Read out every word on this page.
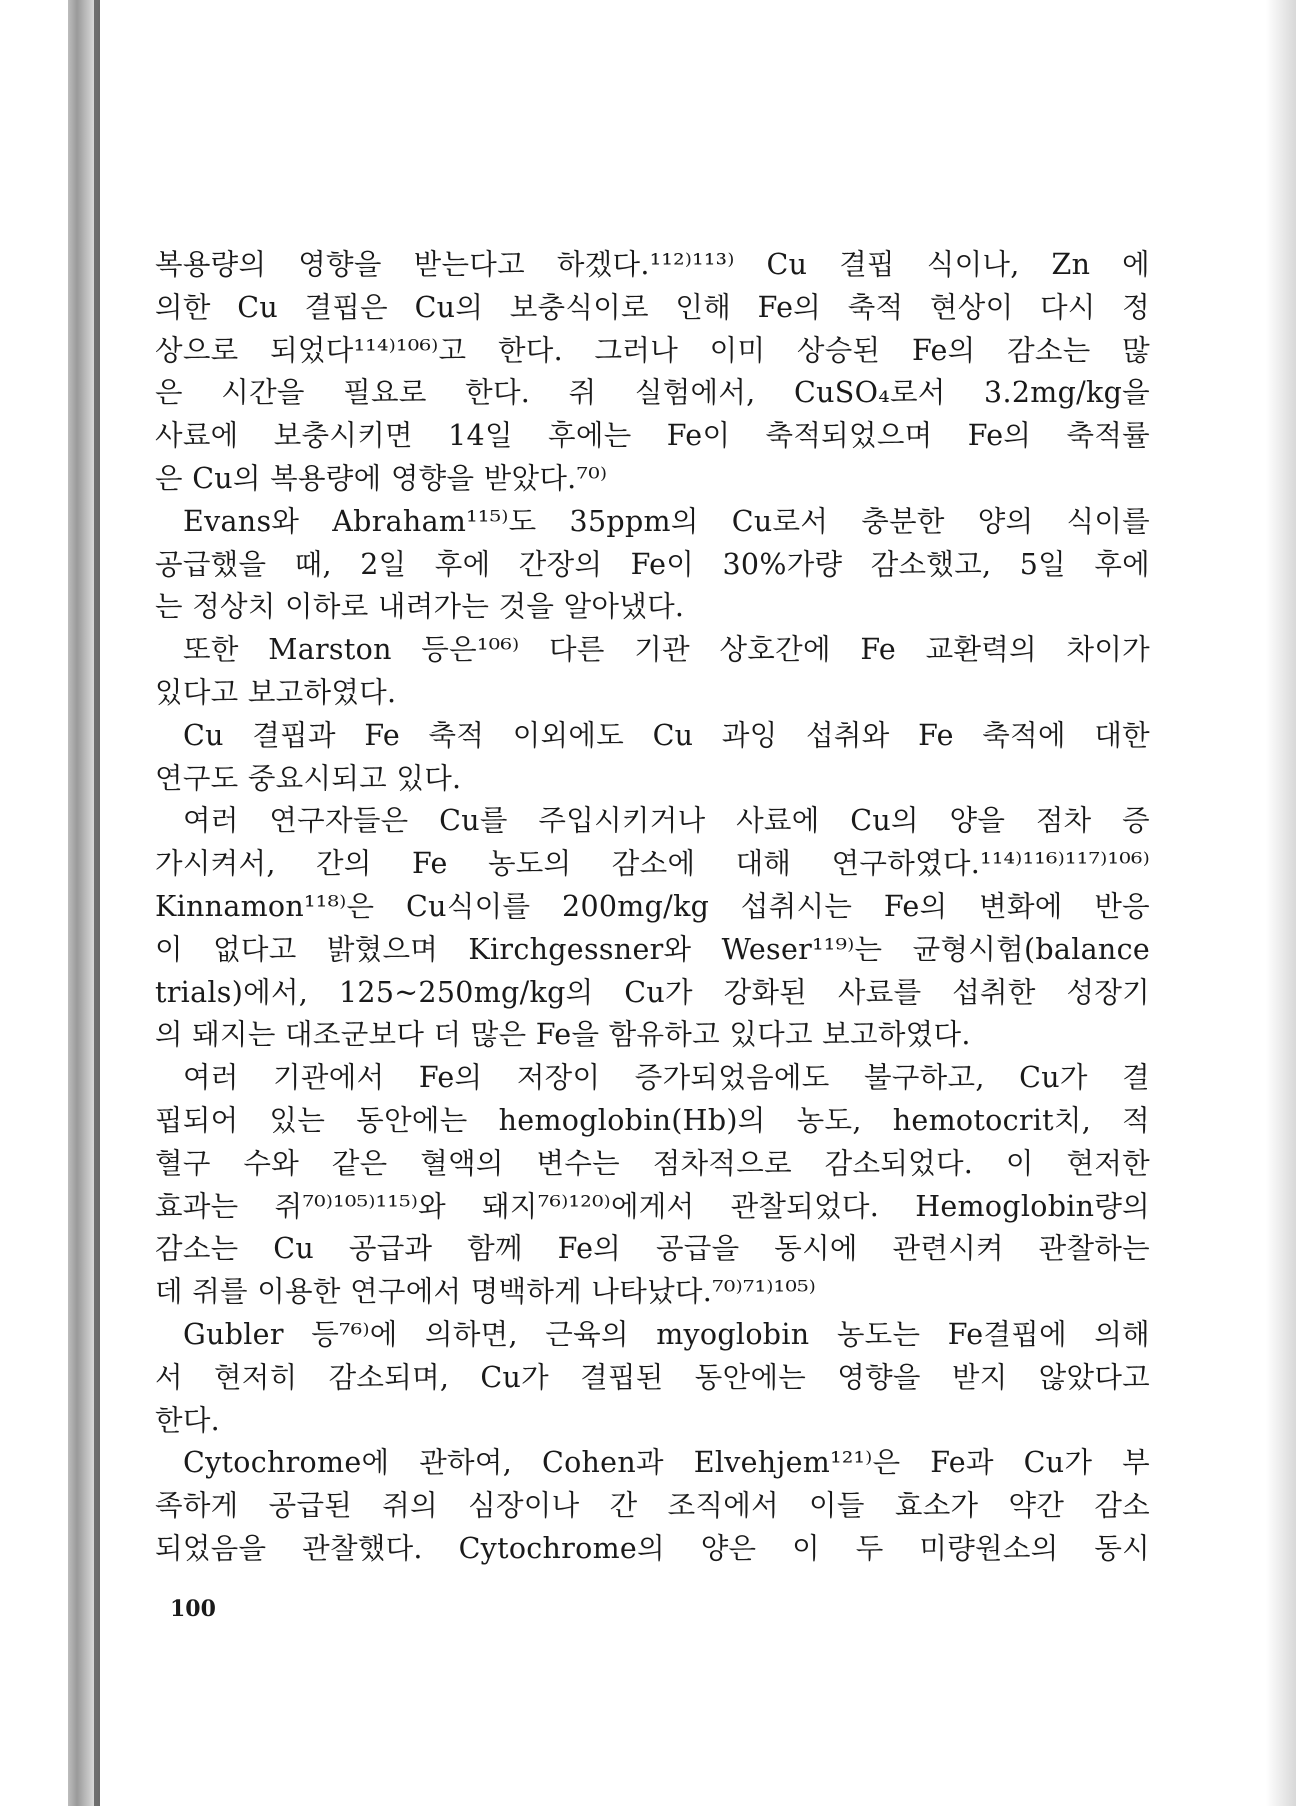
복용량의 영향을 받는다고 하겠다.¹¹²⁾¹¹³⁾ Cu 결핍 식이나, Zn 에

의한 Cu 결핍은 Cu의 보충식이로 인해 Fe의 축적 현상이 다시 정

상으로 되었다¹¹⁴⁾¹⁰⁶⁾고 한다. 그러나 이미 상승된 Fe의 감소는 많

은 시간을 필요로 한다. 쥐 실험에서, CuSO₄로서 3.2mg/kg을

사료에 보충시키면 14일 후에는 Fe이 축적되었으며 Fe의 축적률

은 Cu의 복용량에 영향을 받았다.⁷⁰⁾

Evans와 Abraham¹¹⁵⁾도 35ppm의 Cu로서 충분한 양의 식이를

공급했을 때, 2일 후에 간장의 Fe이 30%가량 감소했고, 5일 후에

는 정상치 이하로 내려가는 것을 알아냈다.

또한 Marston 등은¹⁰⁶⁾ 다른 기관 상호간에 Fe 교환력의 차이가

있다고 보고하였다.

Cu 결핍과 Fe 축적 이외에도 Cu 과잉 섭취와 Fe 축적에 대한

연구도 중요시되고 있다.

여러 연구자들은 Cu를 주입시키거나 사료에 Cu의 양을 점차 증

가시켜서, 간의 Fe 농도의 감소에 대해 연구하였다.¹¹⁴⁾¹¹⁶⁾¹¹⁷⁾¹⁰⁶⁾

Kinnamon¹¹⁸⁾은 Cu식이를 200mg/kg 섭취시는 Fe의 변화에 반응

이 없다고 밝혔으며 Kirchgessner와 Weser¹¹⁹⁾는 균형시험(balance

trials)에서, 125~250mg/kg의 Cu가 강화된 사료를 섭취한 성장기

의 돼지는 대조군보다 더 많은 Fe을 함유하고 있다고 보고하였다.

여러 기관에서 Fe의 저장이 증가되었음에도 불구하고, Cu가 결

핍되어 있는 동안에는 hemoglobin(Hb)의 농도, hemotocrit치, 적

혈구 수와 같은 혈액의 변수는 점차적으로 감소되었다. 이 현저한

효과는 쥐⁷⁰⁾¹⁰⁵⁾¹¹⁵⁾와 돼지⁷⁶⁾¹²⁰⁾에게서 관찰되었다. Hemoglobin량의

감소는 Cu 공급과 함께 Fe의 공급을 동시에 관련시켜 관찰하는

데 쥐를 이용한 연구에서 명백하게 나타났다.⁷⁰⁾⁷¹⁾¹⁰⁵⁾

Gubler 등⁷⁶⁾에 의하면, 근육의 myoglobin 농도는 Fe결핍에 의해

서 현저히 감소되며, Cu가 결핍된 동안에는 영향을 받지 않았다고

한다.

Cytochrome에 관하여, Cohen과 Elvehjem¹²¹⁾은 Fe과 Cu가 부

족하게 공급된 쥐의 심장이나 간 조직에서 이들 효소가 약간 감소

되었음을 관찰했다. Cytochrome의 양은 이 두 미량원소의 동시

100
